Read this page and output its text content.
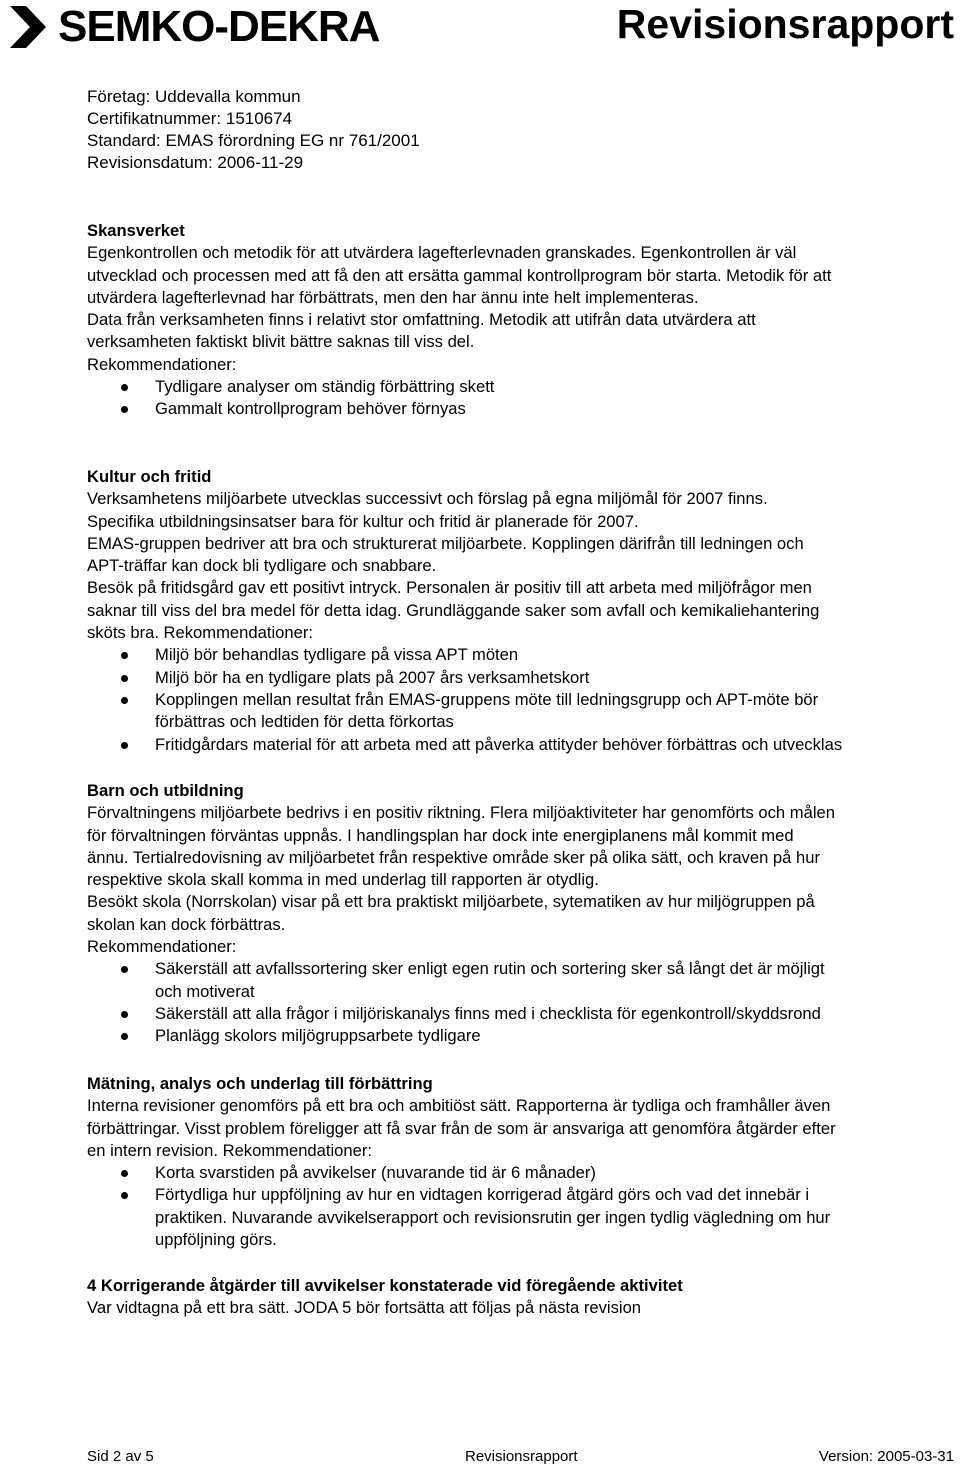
SEMKO-DEKRA	Revisionsrapport
Företag: Uddevalla kommun
Certifikatnummer: 1510674
Standard: EMAS förordning EG nr 761/2001
Revisionsdatum: 2006-11-29

Skansverket

Egenkontrollen och metodik för att utvärdera lagefterlevnaden granskades. Egenkontrollen är väl

utvecklad och processen med att få den att ersätta gammal kontrollprogram bör starta. Metodik för att

utvärdera lagefterlevnad har förbättrats, men den har ännu inte helt implementeras.

Data från verksamheten finns i relativt stor omfattning. Metodik att utifrån data utvärdera att

verksamheten faktiskt blivit bättre saknas till viss del.

Rekommendationer:

Tydligare analyser om ständig förbättring skett
Gammalt kontrollprogram behöver förnyas

Kultur och fritid

Verksamhetens miljöarbete utvecklas successivt och förslag på egna miljömål för 2007 finns.

Specifika utbildningsinsatser bara för kultur och fritid är planerade för 2007.

EMAS-gruppen bedriver att bra och strukturerat miljöarbete. Kopplingen därifrån till ledningen och

APT-träffar kan dock bli tydligare och snabbare.

Besök på fritidsgård gav ett positivt intryck. Personalen är positiv till att arbeta med miljöfrågor men

saknar till viss del bra medel för detta idag. Grundläggande saker som avfall och kemikaliehantering

sköts bra. Rekommendationer:

Miljö bör behandlas tydligare på vissa APT möten
Miljö bör ha en tydligare plats på 2007 års verksamhetskort
Kopplingen mellan resultat från EMAS-gruppens möte till ledningsgrupp och APT-möte bör
förbättras och ledtiden för detta förkortas
Fritidgårdars material för att arbeta med att påverka attityder behöver förbättras och utvecklas

Barn och utbildning

Förvaltningens miljöarbete bedrivs i en positiv riktning. Flera miljöaktiviteter har genomförts och målen

för förvaltningen förväntas uppnås. I handlingsplan har dock inte energiplanens mål kommit med

ännu. Tertialredovisning av miljöarbetet från respektive område sker på olika sätt, och kraven på hur

respektive skola skall komma in med underlag till rapporten är otydlig.

Besökt skola (Norrskolan) visar på ett bra praktiskt miljöarbete, sytematiken av hur miljögruppen på

skolan kan dock förbättras.

Rekommendationer:

Säkerställ att avfallssortering sker enligt egen rutin och sortering sker så långt det är möjligt
och motiverat
Säkerställ att alla frågor i miljöriskanalys finns med i checklista för egenkontroll/skyddsrond
Planlägg skolors miljögruppsarbete tydligare

Mätning, analys och underlag till förbättring

Interna revisioner genomförs på ett bra och ambitiöst sätt. Rapporterna är tydliga och framhåller även

förbättringar. Visst problem föreligger att få svar från de som är ansvariga att genomföra åtgärder efter

en intern revision. Rekommendationer:

Korta svarstiden på avvikelser (nuvarande tid är 6 månader)
Förtydliga hur uppföljning av hur en vidtagen korrigerad åtgärd görs och vad det innebär i
praktiken. Nuvarande avvikelserapport och revisionsrutin ger ingen tydlig vägledning om hur
uppföljning görs.

4 Korrigerande åtgärder till avvikelser konstaterade vid föregående aktivitet

Var vidtagna på ett bra sätt. JODA 5 bör fortsätta att följas på nästa revision

Sid 2 av 5	Revisionsrapport	Version: 2005-03-31
